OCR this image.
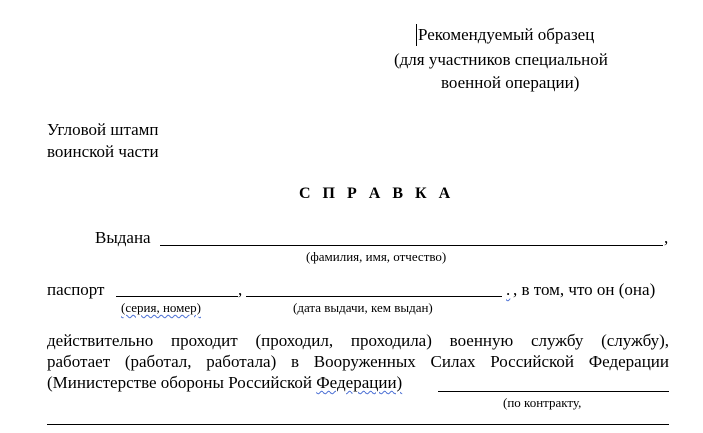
Рекомендуемый образец
(для участников специальной
военной операции)
Угловой штамп
воинской части
С П Р А В К А
Выдана	,
(фамилия, имя, отчество)
паспорт	,	. , в том, что он (она)
(серия, номер)	(дата выдачи, кем выдан)
действительно проходит (проходил, проходила) военную службу (службу),
работает (работал, работала) в Вооруженных Силах Российской Федерации
(Министерстве обороны Российской Федерации)
(по контракту,
